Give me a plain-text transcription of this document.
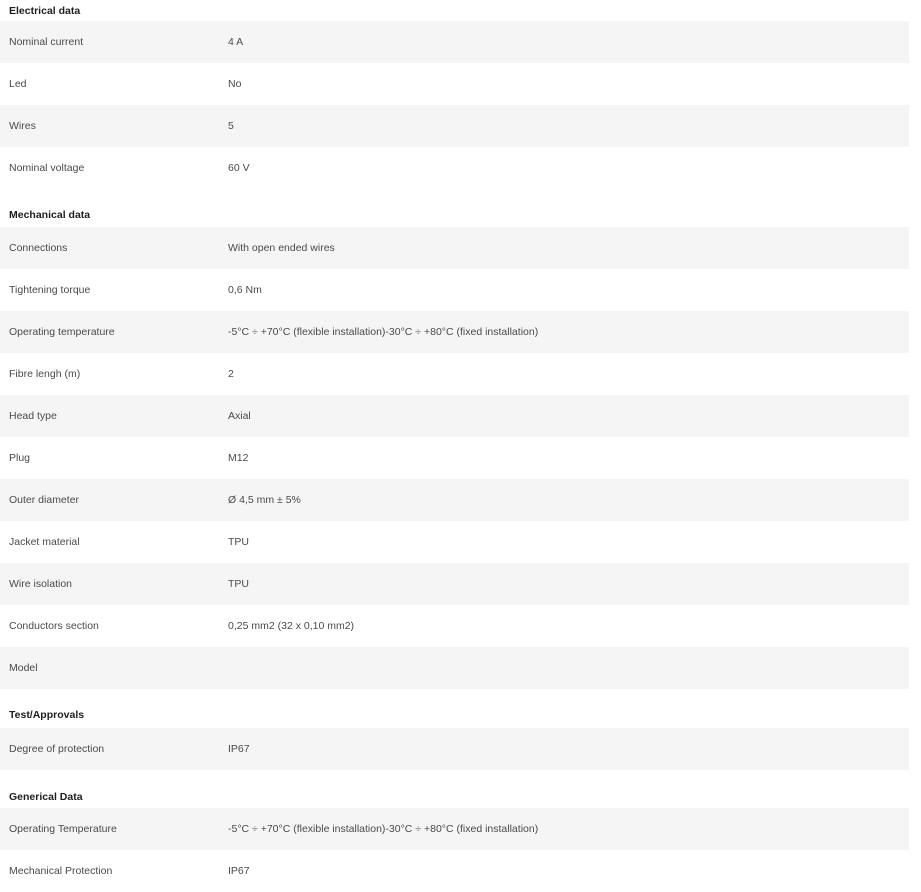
Electrical data
Nominal current	4 A
Led	No
Wires	5
Nominal voltage	60 V
Mechanical data
Connections	With open ended wires
Tightening torque	0,6 Nm
Operating temperature	-5°C ÷ +70°C (flexible installation)-30°C ÷ +80°C (fixed installation)
Fibre lengh (m)	2
Head type	Axial
Plug	M12
Outer diameter	Ø 4,5 mm ± 5%
Jacket material	TPU
Wire isolation	TPU
Conductors section	0,25 mm2 (32 x 0,10 mm2)
Model
Test/Approvals
Degree of protection	IP67
Generical Data
Operating Temperature	-5°C ÷ +70°C (flexible installation)-30°C ÷ +80°C (fixed installation)
Mechanical Protection	IP67
